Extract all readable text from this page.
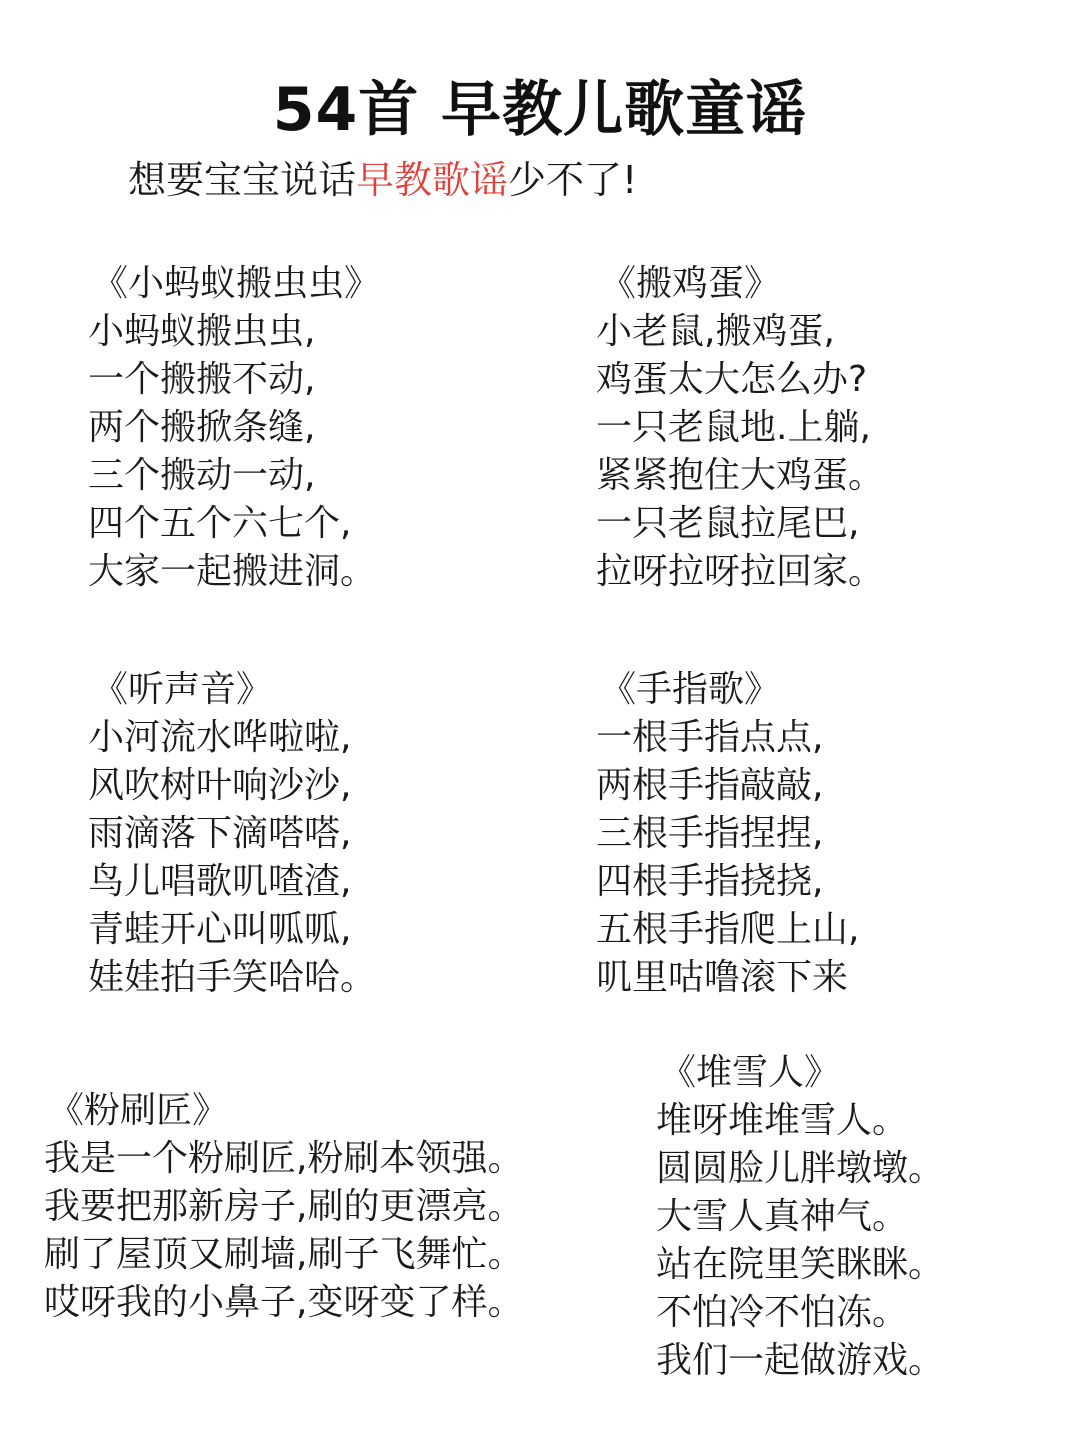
54首 早教儿歌童谣
想要宝宝说话早教歌谣少不了!
《小蚂蚁搬虫虫》
小蚂蚁搬虫虫,
一个搬搬不动,
两个搬掀条缝,
三个搬动一动,
四个五个六七个,
大家一起搬进洞。
《搬鸡蛋》
小老鼠,搬鸡蛋,
鸡蛋太大怎么办?
一只老鼠地.上躺,
紧紧抱住大鸡蛋。
一只老鼠拉尾巴,
拉呀拉呀拉回家。
《听声音》
小河流水哗啦啦,
风吹树叶响沙沙,
雨滴落下滴嗒嗒,
鸟儿唱歌叽喳渣,
青蛙开心叫呱呱,
娃娃拍手笑哈哈。
《手指歌》
一根手指点点,
两根手指敲敲,
三根手指捏捏,
四根手指挠挠,
五根手指爬上山,
叽里咕噜滚下来
《粉刷匠》
我是一个粉刷匠,粉刷本领强。
我要把那新房子,刷的更漂亮。
刷了屋顶又刷墙,刷子飞舞忙。
哎呀我的小鼻子,变呀变了样。
《堆雪人》
堆呀堆堆雪人。
圆圆脸儿胖墩墩。
大雪人真神气。
站在院里笑眯眯。
不怕冷不怕冻。
我们一起做游戏。
